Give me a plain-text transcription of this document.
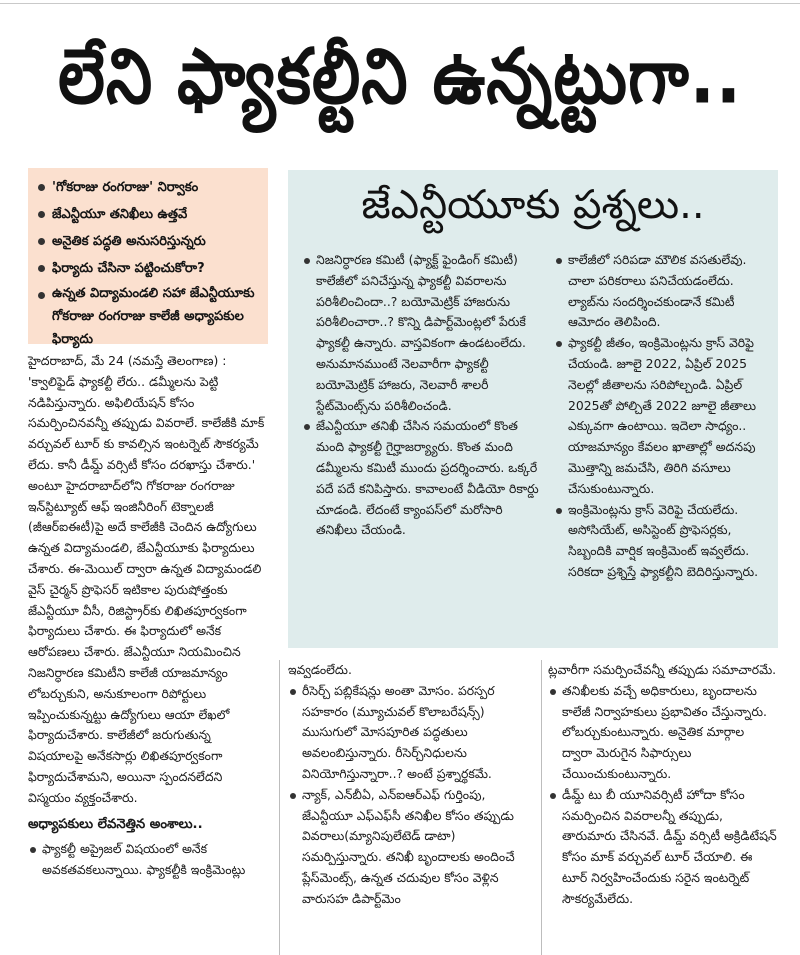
లేని ఫ్యాకల్టీని ఉన్నట్టుగా..
'గోకరాజు రంగరాజు' నిర్వాకం
జేఎన్టీయూ తనిఖీలు ఉత్తవే
అనైతిక పద్ధతి అనుసరిస్తున్నరు
ఫిర్యాదు చేసినా పట్టించుకోరా?
ఉన్నత విద్యామండలి సహా జేఎన్టీయూకు గోకరాజు రంగరాజు కాలేజీ అధ్యాపకుల ఫిర్యాదు
జేఎన్టీయూకు ప్రశ్నలు..

నిజనిర్ధారణ కమిటీ (ఫ్యాక్ట్ ఫైండింగ్ కమిటీ) కాలేజీలో పనిచేస్తున్న ఫ్యాకల్టీ వివరాలను పరిశీలించిందా..? బయోమెట్రిక్ హాజరును పరిశీలించారా..? కొన్ని డిపార్ట్‌మెంట్లలో పేరుకే ఫ్యాకల్టీ ఉన్నారు. వాస్తవికంగా ఉండటంలేదు. అనుమానముంటే నెలవారీగా ఫ్యాకల్టీ బయోమెట్రిక్ హాజరు, నెలవారీ శాలరీ స్టేట్‌మెంట్స్‌ను పరిశీలించండి.

జేఎన్టీయూ తనిఖీ చేసిన సమయంలో కొంత మంది ఫ్యాకల్టీ గైర్హాజర్య్యారు. కొంత మంది డమ్మీలను కమిటీ ముందు ప్రదర్శించారు. ఒక్కరే పదే పదే కనిపిస్తారు. కావాలంటే వీడియో రికార్డు చూడండి. లేదంటే క్యాంపస్‌లో మరోసారి తనిఖీలు చేయండి.

కాలేజీలో సరిపడా మౌలిక వసతులేవు. చాలా పరికరాలు పనిచేయడంలేదు. ల్యాబ్‌ను సందర్శించకుండానే కమిటీ ఆమోదం తెలిపింది.

ఫ్యాకల్టీ జీతం, ఇంక్రిమెంట్లను క్రాస్ వెరిఫై చేయండి. జూలై 2022, ఏప్రిల్ 2025 నెలల్లో జీతాలను సరిపోల్చండి. ఏప్రిల్ 2025తో పోల్చితే 2022 జూలై జీతాలు ఎక్కువగా ఉంటాయి. ఇదెలా సాధ్యం.. యాజమాన్యం కేవలం ఖాతాల్లో అదనపు మొత్తాన్ని జమచేసి, తిరిగి వసూలు చేసుకుంటున్నారు.

ఇంక్రిమెంట్లను క్రాస్ వెరిఫై చేయలేదు. అసోసియేట్, అసిస్టెంట్ ప్రొఫెసర్లకు, సిబ్బందికి వార్షిక ఇంక్రిమెంట్ ఇవ్వలేదు. సరికదా ప్రశ్నిస్తే ఫ్యాకల్టీని బెదిరిస్తున్నారు.

హైదరాబాద్, మే 24 (నమస్తే తెలంగాణ) : 'క్వాలిఫైడ్ ఫ్యాకల్టీ లేరు.. డమ్మీలను పెట్టి నడిపిస్తున్నారు. అఫిలియేషన్ కోసం సమర్పించినవన్నీ తప్పుడు వివరాలే. కాలేజీకి మాక్ వర్చువల్ టూర్ కు కావల్సిన ఇంటర్నెట్ సౌకర్యమే లేదు. కానీ డీమ్డ్ వర్సిటీ కోసం దరఖాస్తు చేశారు.' అంటూ హైదరాబాద్‌లోని గోకరాజు రంగరాజు ఇన్‌స్టిట్యూట్ ఆఫ్ ఇంజినీరింగ్ టెక్నాలజీ (జీఆర్ఐఈటీ)పై అదే కాలేజీకి చెందిన ఉద్యోగులు ఉన్నత విద్యామండలి, జేఎన్టీయూకు ఫిర్యాదులు చేశారు. ఈ-మెయిల్ ద్వారా ఉన్నత విద్యామండలి వైస్ చైర్మన్ ప్రొఫెసర్ ఇటికాల పురుషోత్తంకు జేఎన్టీయూ వీసీ, రిజిస్ట్రార్‌కు లిఖితపూర్వకంగా ఫిర్యాదులు చేశారు. ఈ ఫిర్యాదులో అనేక ఆరోపణలు చేశారు. జేఎన్టీయూ నియమించిన నిజనిర్ధారణ కమిటీని కాలేజీ యాజమాన్యం లోబర్చుకుని, అనుకూలంగా రిపోర్టులు ఇప్పించుకున్నట్టు ఉద్యోగులు ఆయా లేఖలో ఫిర్యాదుచేశారు. కాలేజీలో జరుగుతున్న విషయాలపై అనేకసార్లు లిఖితపూర్వకంగా ఫిర్యాదుచేశామని, అయినా స్పందనలేదని విస్మయం వ్యక్తంచేశారు.

అధ్యాపకులు లేవనెత్తిన అంశాలు..

ఫ్యాకల్టీ అప్రైజల్ విషయంలో అనేక అవకతవకలున్నాయి. ఫ్యాకల్టీకి ఇంక్రిమెంట్లు

ఇవ్వడంలేదు.

రీసెర్చ్ పబ్లికేషన్లు అంతా మోసం. పరస్పర సహకారం (మ్యూచువల్ కొలాబరేషన్స్) ముసుగులో మోసపూరిత పద్ధతులు అవలంబిస్తున్నారు. రీసెర్చ్‌నిధులను వినియోగిస్తున్నారా..? అంటే ప్రశ్నార్థకమే.

న్యాక్, ఎన్‌బీఏ, ఎన్ఐఆర్ఎఫ్ గుర్తింపు, జేఎన్టీయూ ఎఫ్ఎఫ్‌సీ తనిఖీల కోసం తప్పుడు వివరాలు(మ్యానిపులేటెడ్ డాటా) సమర్పిస్తున్నారు. తనిఖీ బృందాలకు అందించే ప్లేస్‌మెంట్స్, ఉన్నత చదువుల కోసం వెళ్లిన వారుసహ డిపార్ట్‌మెం

ట్లవారీగా సమర్పించేవన్నీ తప్పుడు సమాచారమే.

తనిఖీలకు వచ్చే అధికారులు, బృందాలను కాలేజీ నిర్వాహకులు ప్రభావితం చేస్తున్నారు. లోబర్చుకుంటున్నారు. అనైతిక మార్గాల ద్వారా మెరుగైన సిఫార్సులు చేయించుకుంటున్నారు.

డీమ్డ్ టు బీ యూనివర్సిటీ హోదా కోసం సమర్పించిన వివరాలన్నీ తప్పుడు, తారుమారు చేసినవే. డీమ్డ్ వర్సిటీ అక్రిడిటేషన్ కోసం మాక్ వర్చువల్ టూర్ చేయాలి. ఈ టూర్ నిర్వహించేందుకు సరైన ఇంటర్నెట్ సౌకర్యమేలేదు.
